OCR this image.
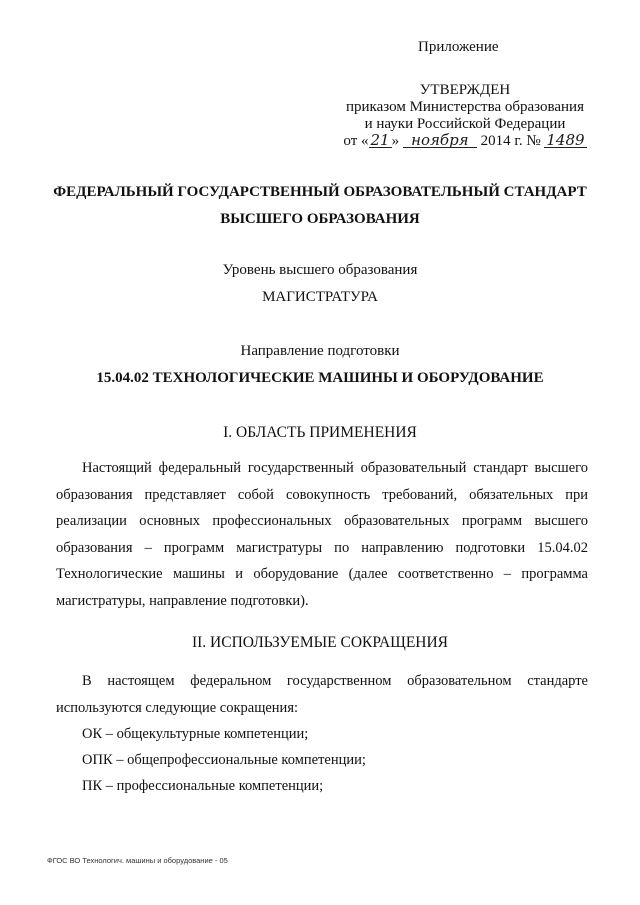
Приложение
УТВЕРЖДЕН
приказом Министерства образования
и науки Российской Федерации
от « 21 » ноября 2014 г. № 1489
ФЕДЕРАЛЬНЫЙ ГОСУДАРСТВЕННЫЙ ОБРАЗОВАТЕЛЬНЫЙ СТАНДАРТ
ВЫСШЕГО ОБРАЗОВАНИЯ
Уровень высшего образования
МАГИСТРАТУРА
Направление подготовки
15.04.02 ТЕХНОЛОГИЧЕСКИЕ МАШИНЫ И ОБОРУДОВАНИЕ
I. ОБЛАСТЬ ПРИМЕНЕНИЯ

Настоящий федеральный государственный образовательный стандарт высшего образования представляет собой совокупность требований, обязательных при реализации основных профессиональных образовательных программ высшего образования – программ магистратуры по направлению подготовки 15.04.02 Технологические машины и оборудование (далее соответственно – программа магистратуры, направление подготовки).

II. ИСПОЛЬЗУЕМЫЕ СОКРАЩЕНИЯ

В настоящем федеральном государственном образовательном стандарте используются следующие сокращения:

ОК – общекультурные компетенции;
ОПК – общепрофессиональные компетенции;
ПК – профессиональные компетенции;
ФГОС ВО Технологич. машины и оборудование - 05
